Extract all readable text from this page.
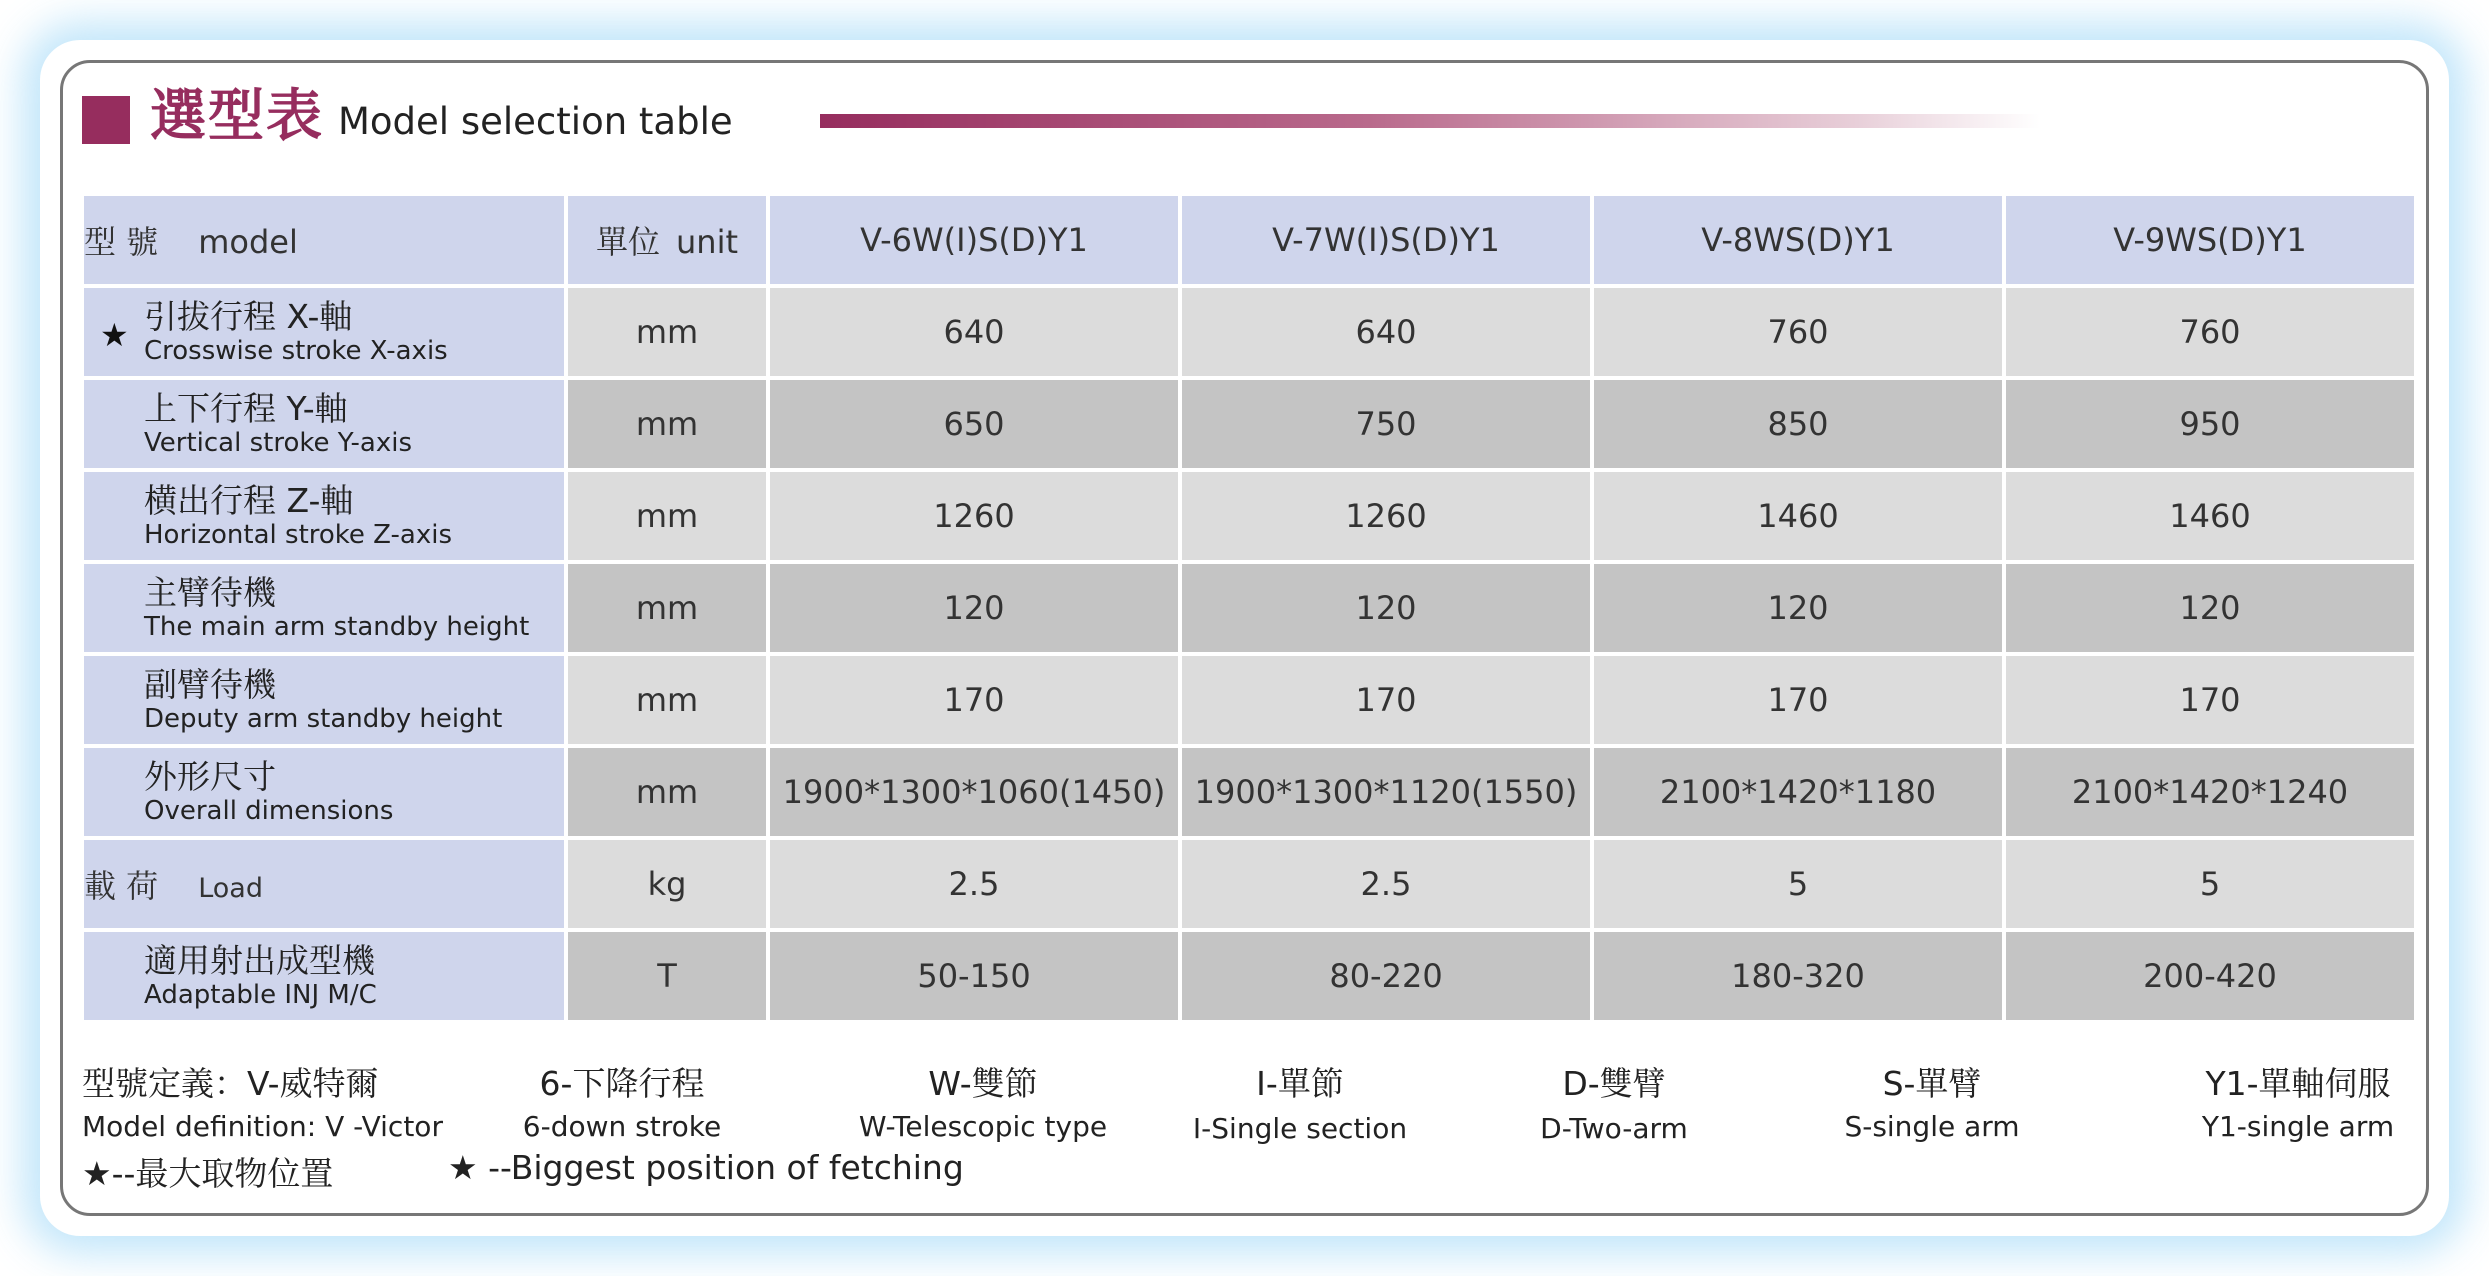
選型表 Model selection table
型 號 model	單位 unit	V-6W(I)S(D)Y1	V-7W(I)S(D)Y1	V-8WS(D)Y1	V-9WS(D)Y1

★ 引拔行程 X-軸
Crosswise stroke X-axis	mm	640	640	760	760

上下行程 Y-軸
Vertical stroke Y-axis	mm	650	750	850	950

横出行程 Z-軸
Horizontal stroke Z-axis	mm	1260	1260	1460	1460

主臂待機
The main arm standby height	mm	120	120	120	120

副臂待機
Deputy arm standby height	mm	170	170	170	170

外形尺寸
Overall dimensions	mm	1900*1300*1060(1450)	1900*1300*1120(1550)	2100*1420*1180	2100*1420*1240
載 荷 Load	kg	2.5	2.5	5	5

適用射出成型機
Adaptable INJ M/C	T	50-150	80-220	180-320	200-420
型號定義：V-威特爾
Model definition: V -Victor
6-下降行程
6-down stroke
W-雙節
W-Telescopic type
I-單節
I-Single section
D-雙臂
D-Two-arm
S-單臂
S-single arm
Y1-單軸伺服
Y1-single arm
★--最大取物位置	★ --Biggest position of fetching
